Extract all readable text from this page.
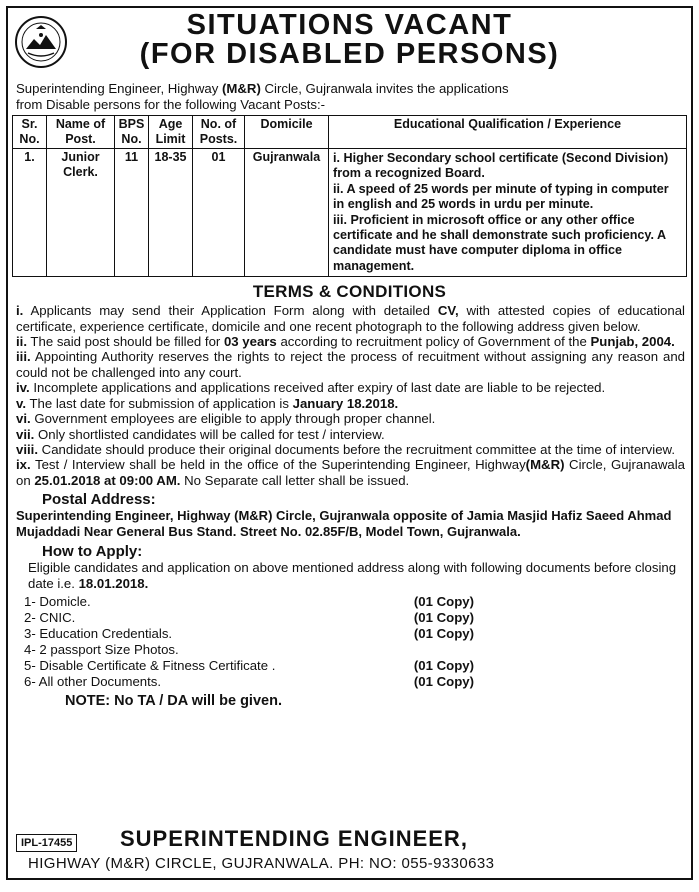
SITUATIONS VACANT
(FOR DISABLED PERSONS)
Superintending Engineer, Highway (M&R) Circle, Gujranwala invites the applications
from Disable persons for the following Vacant Posts:-
Sr. No.	Name of Post.	BPS No.	Age Limit	No. of Posts.	Domicile	Educational Qualification / Experience
1.	Junior Clerk.	11	18-35	01	Gujranwala	i. Higher Secondary school certificate (Second Division) from a recognized Board.
ii. A speed of 25 words per minute of typing in computer in english and 25 words in urdu per minute.
iii. Proficient in microsoft office or any other office certificate and he shall demonstrate such proficiency. A candidate must have computer diploma in office management.
TERMS & CONDITIONS

i. Applicants may send their Application Form along with detailed CV, with attested copies of educational certificate, experience certificate, domicile and one recent photograph to the following address given below.

ii. The said post should be filled for 03 years according to recruitment policy of Government of the Punjab, 2004.

iii. Appointing Authority reserves the rights to reject the process of recuitment without assigning any reason and could not be challenged into any court.

iv. Incomplete applications and applications received after expiry of last date are liable to be rejected.

v. The last date for submission of application is January 18.2018.

vi. Government employees are eligible to apply through proper channel.

vii. Only shortlisted candidates will be called for test / interview.

viii. Candidate should produce their original documents before the recruitment committee at the time of interview.

ix. Test / Interview shall be held in the office of the Superintending Engineer, Highway(M&R) Circle, Gujranawala on 25.01.2018 at 09:00 AM. No Separate call letter shall be issued.

Postal Address:
Superintending Engineer, Highway (M&R) Circle, Gujranwala opposite of Jamia Masjid Hafiz Saeed Ahmad Mujaddadi Near General Bus Stand. Street No. 02.85F/B, Model Town, Gujranwala.
How to Apply:
Eligible candidates and application on above mentioned address along with following documents before closing date i.e. 18.01.2018.
1- Domicle.	(01 Copy)
2- CNIC.	(01 Copy)
3- Education Credentials.	(01 Copy)
4- 2 passport Size Photos.
5- Disable Certificate & Fitness Certificate .	(01 Copy)
6- All other Documents.	(01 Copy)
NOTE: No TA / DA will be given.
IPL-17455 SUPERINTENDING ENGINEER,
HIGHWAY (M&R) CIRCLE, GUJRANWALA. PH: NO: 055-9330633
